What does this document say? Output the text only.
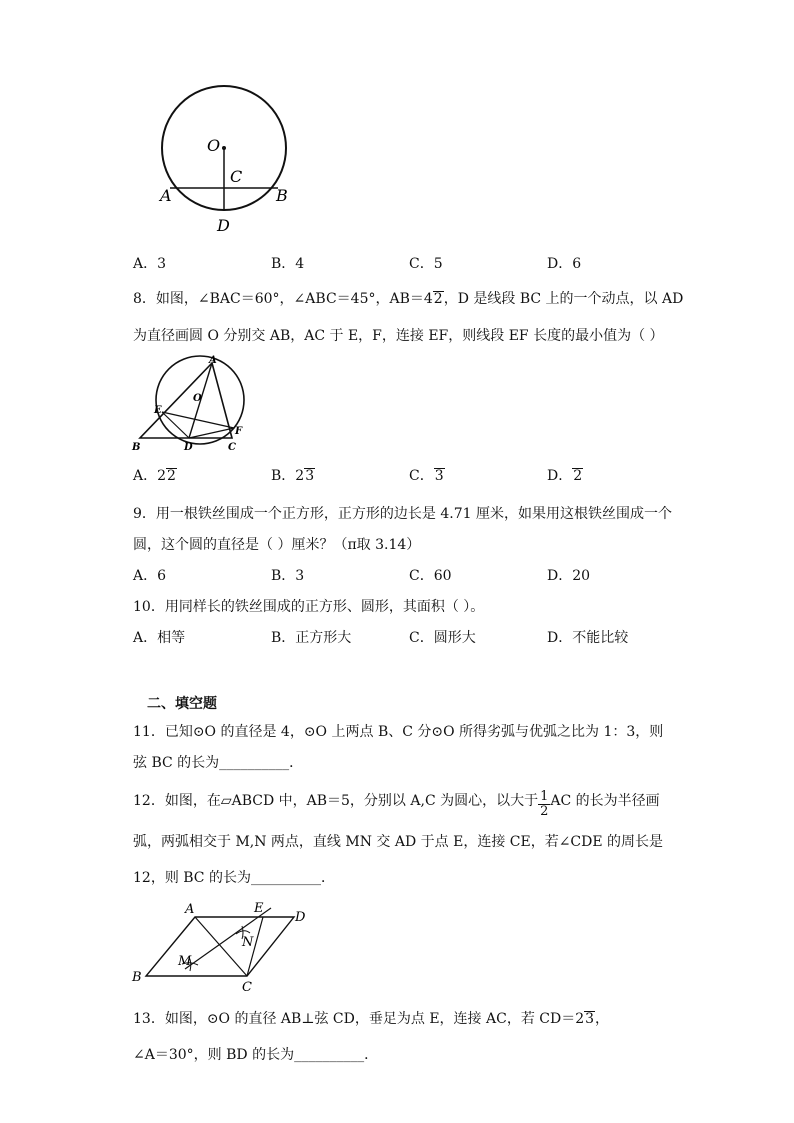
O
C
A	B
D
A．3	B．4	C．5	D．6
8．如图，∠BAC＝60°，∠ABC＝45°，AB＝42，D 是线段 BC 上的一个动点，以 AD
为直径画圆 O 分别交 AB，AC 于 E，F，连接 EF，则线段 EF 长度的最小值为（ ）
A
O
E
B	D	C
F
A．22	B．23	C．3	D．2
9．用一根铁丝围成一个正方形，正方形的边长是 4.71 厘米，如果用这根铁丝围成一个
圆，这个圆的直径是（ ）厘米？（π取 3.14）
A．6	B．3	C．60	D．20
10．用同样长的铁丝围成的正方形、圆形，其面积（ ）。
A．相等	B．正方形大	C．圆形大	D．不能比较
二、填空题
11．已知⊙O 的直径是 4，⊙O 上两点 B、C 分⊙O 所得劣弧与优弧之比为 1：3，则
弦 BC 的长为__________．
12．如图，在▱ABCD 中，AB＝5，分别以 A,C 为圆心，以大于 $\frac{1}{2}$ AC 的长为半径画
弧，两弧相交于 M,N 两点，直线 MN 交 AD 于点 E，连接 CE，若∠CDE 的周长是
12，则 BC 的长为__________．
A	E
D
N
M
B
C
13．如图，⊙O 的直径 AB⊥弦 CD，垂足为点 E，连接 AC，若 CD＝23，
∠A＝30°，则 BD 的长为__________．
